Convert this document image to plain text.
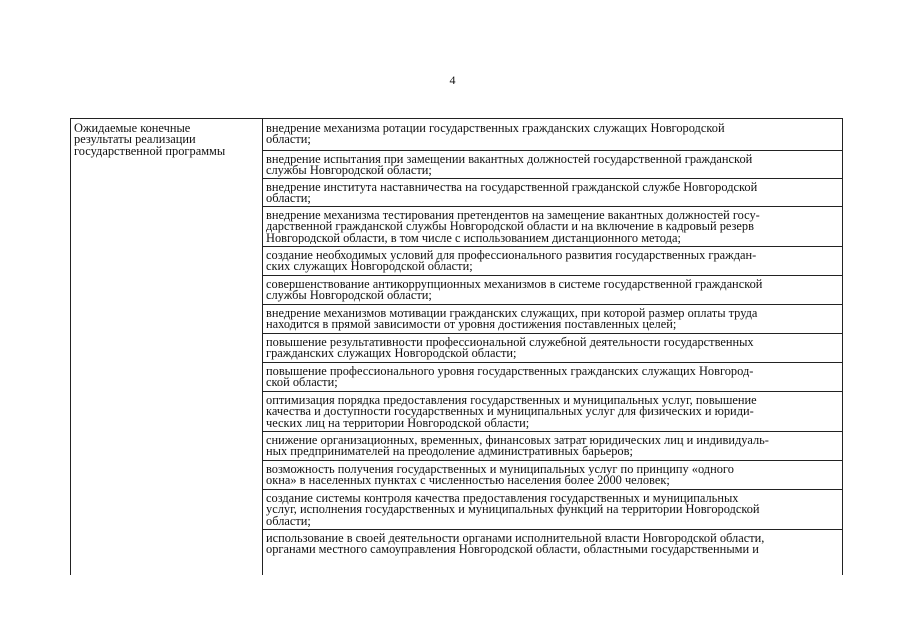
4
Ожидаемые конечные
результаты реализации
государственной программы
внедрение механизма ротации государственных гражданских служащих Новгородской
области;
внедрение испытания при замещении вакантных должностей государственной гражданской
службы Новгородской области;
внедрение института наставничества на государственной гражданской службе Новгородской
области;
внедрение механизма тестирования претендентов на замещение вакантных должностей госу-
дарственной гражданской службы Новгородской области и на включение в кадровый резерв
Новгородской области, в том числе с использованием дистанционного метода;
создание необходимых условий для профессионального развития государственных граждан-
ских служащих Новгородской области;
совершенствование антикоррупционных механизмов в системе государственной гражданской
службы Новгородской области;
внедрение механизмов мотивации гражданских служащих, при которой размер оплаты труда
находится в прямой зависимости от уровня достижения поставленных целей;
повышение результативности профессиональной служебной деятельности государственных
гражданских служащих Новгородской области;
повышение профессионального уровня государственных гражданских служащих Новгород-
ской области;
оптимизация порядка предоставления государственных и муниципальных услуг, повышение
качества и доступности государственных и муниципальных услуг для физических и юриди-
ческих лиц на территории Новгородской области;
снижение организационных, временных, финансовых затрат юридических лиц и индивидуаль-
ных предпринимателей на преодоление административных барьеров;
возможность получения государственных и муниципальных услуг по принципу «одного
окна» в населенных пунктах с численностью населения более 2000 человек;
создание системы контроля качества предоставления государственных и муниципальных
услуг, исполнения государственных и муниципальных функций на территории Новгородской
области;
использование в своей деятельности органами исполнительной власти Новгородской области,
органами местного самоуправления Новгородской области, областными государственными и
